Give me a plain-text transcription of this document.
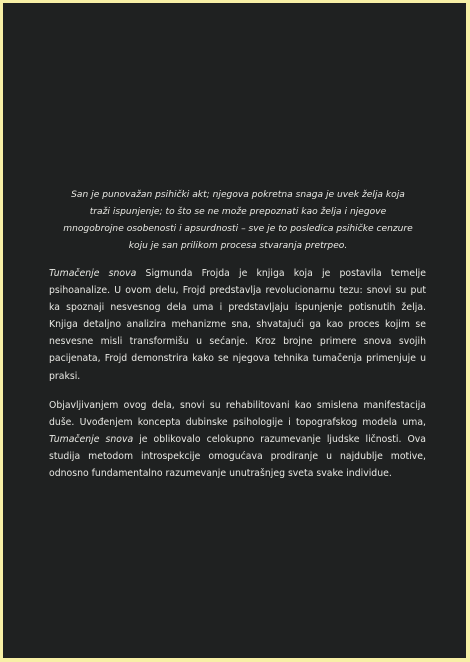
San je punovažan psihički akt; njegova pokretna snaga je uvek želja koja traži ispunjenje; to što se ne može prepoznati kao želja i njegove mnogobrojne osobenosti i apsurdnosti – sve je to posledica psihičke cenzure koju je san prilikom procesa stvaranja pretrpeo.

Tumačenje snova Sigmunda Frojda je knjiga koja je postavila temelje psihoanalize. U ovom delu, Frojd predstavlja revolucionarnu tezu: snovi su put ka spoznaji nesvesnog dela uma i predstavljaju ispunjenje potisnutih želja. Knjiga detaljno analizira mehanizme sna, shvatajući ga kao proces kojim se nesvesne misli transformišu u sećanje. Kroz brojne primere snova svojih pacijenata, Frojd demonstrira kako se njegova tehnika tumačenja primenjuje u praksi.

Objavljivanjem ovog dela, snovi su rehabilitovani kao smislena manifestacija duše. Uvođenjem koncepta dubinske psihologije i topografskog modela uma, Tumačenje snova je oblikovalo celokupno razumevanje ljudske ličnosti. Ova studija metodom introspekcije omogućava prodiranje u najdublje motive, odnosno fundamentalno razumevanje unutrašnjeg sveta svake individue.
